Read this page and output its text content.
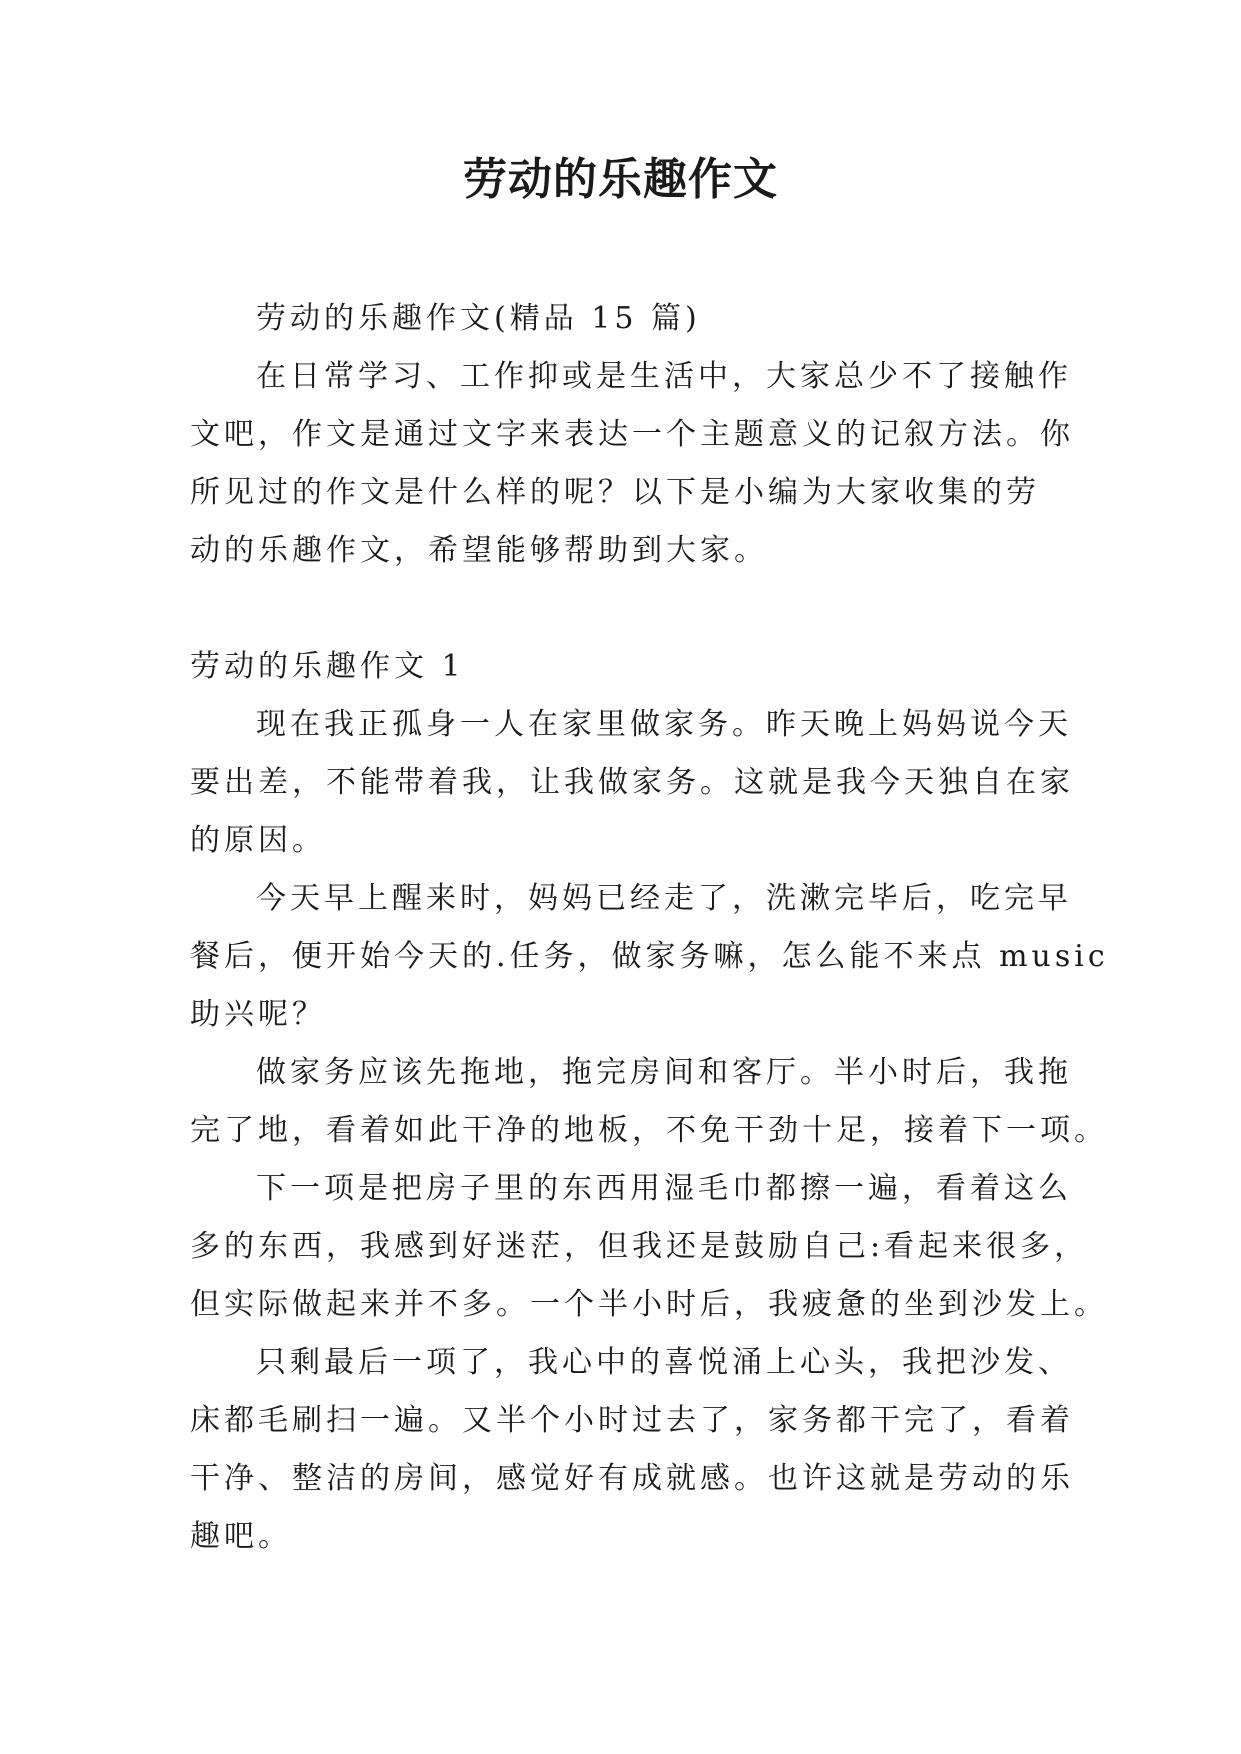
劳动的乐趣作文
劳动的乐趣作文(精品 15 篇)
在日常学习、工作抑或是生活中，大家总少不了接触作
文吧，作文是通过文字来表达一个主题意义的记叙方法。你
所见过的作文是什么样的呢？以下是小编为大家收集的劳
动的乐趣作文，希望能够帮助到大家。
劳动的乐趣作文 1
现在我正孤身一人在家里做家务。昨天晚上妈妈说今天
要出差，不能带着我，让我做家务。这就是我今天独自在家
的原因。
今天早上醒来时，妈妈已经走了，洗漱完毕后，吃完早
餐后，便开始今天的.任务，做家务嘛，怎么能不来点 music
助兴呢？
做家务应该先拖地，拖完房间和客厅。半小时后，我拖
完了地，看着如此干净的地板，不免干劲十足，接着下一项。
下一项是把房子里的东西用湿毛巾都擦一遍，看着这么
多的东西，我感到好迷茫，但我还是鼓励自己:看起来很多，
但实际做起来并不多。一个半小时后，我疲惫的坐到沙发上。
只剩最后一项了，我心中的喜悦涌上心头，我把沙发、
床都毛刷扫一遍。又半个小时过去了，家务都干完了，看着
干净、整洁的房间，感觉好有成就感。也许这就是劳动的乐
趣吧。
